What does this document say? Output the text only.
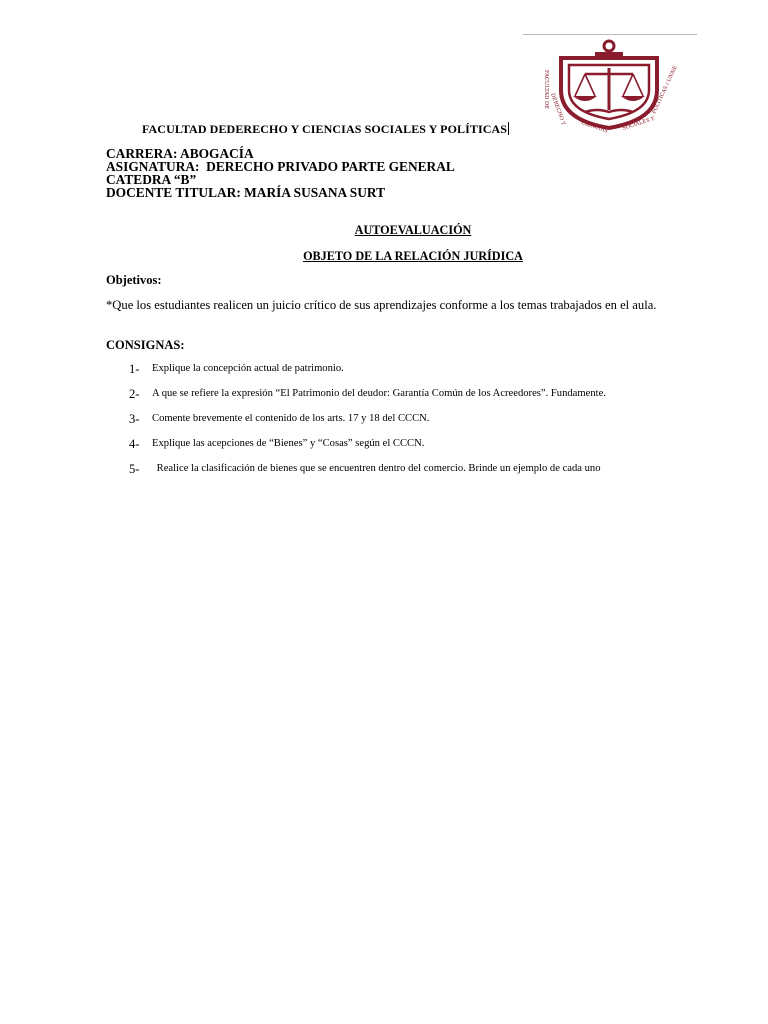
FACULTAD DE
DERECHO Y
CIENCIAS	SOCIALES Y
POLÍTICAS / UNNE
FACULTAD DEDERECHO Y CIENCIAS SOCIALES Y POLÍTICAS
CARRERA: ABOGACÍA
ASIGNATURA:  DERECHO PRIVADO PARTE GENERAL
CATEDRA “B”
DOCENTE TITULAR: MARÍA SUSANA SURT
AUTOEVALUACIÓN
OBJETO DE LA RELACIÓN JURÍDICA
Objetivos:
*Que los estudiantes realicen un juicio crítico de sus aprendizajes conforme a los temas trabajados en el aula.
CONSIGNAS:
1- Explique la concepción actual de patrimonio.
2- A que se refiere la expresión “El Patrimonio del deudor: Garantía Común de los Acreedores”. Fundamente.
3- Comente brevemente el contenido de los arts. 17 y 18 del CCCN.
4- Explique las acepciones de “Bienes” y “Cosas” según el CCCN.
5- Realice la clasificación de bienes que se encuentren dentro del comercio. Brinde un ejemplo de cada uno
